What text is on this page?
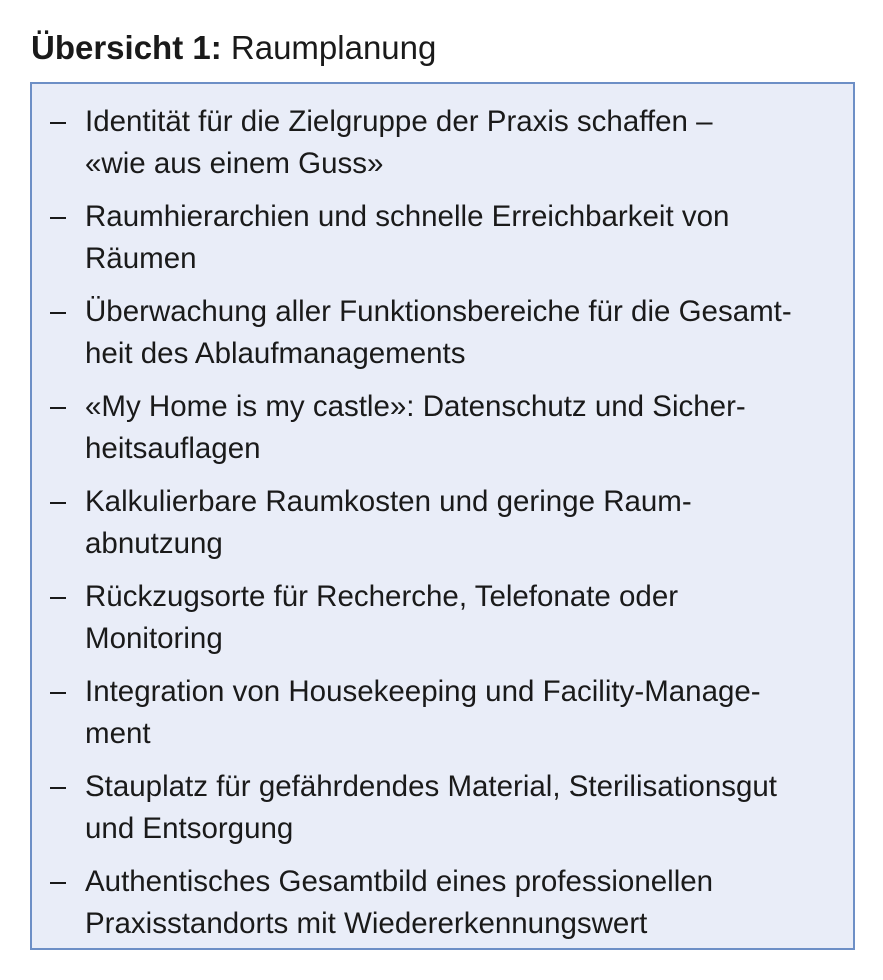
Übersicht 1: Raumplanung
Identität für die Zielgruppe der Praxis schaffen –
«wie aus einem Guss»
Raumhierarchien und schnelle Erreichbarkeit von
Räumen
Überwachung aller Funktionsbereiche für die Gesamt-
heit des Ablaufmanagements
«My Home is my castle»: Datenschutz und Sicher-
heitsauflagen
Kalkulierbare Raumkosten und geringe Raum-
abnutzung
Rückzugsorte für Recherche, Telefonate oder
Monitoring
Integration von Housekeeping und Facility-Manage-
ment
Stauplatz für gefährdendes Material, Sterilisationsgut
und Entsorgung
Authentisches Gesamtbild eines professionellen
Praxisstandorts mit Wiedererkennungswert
